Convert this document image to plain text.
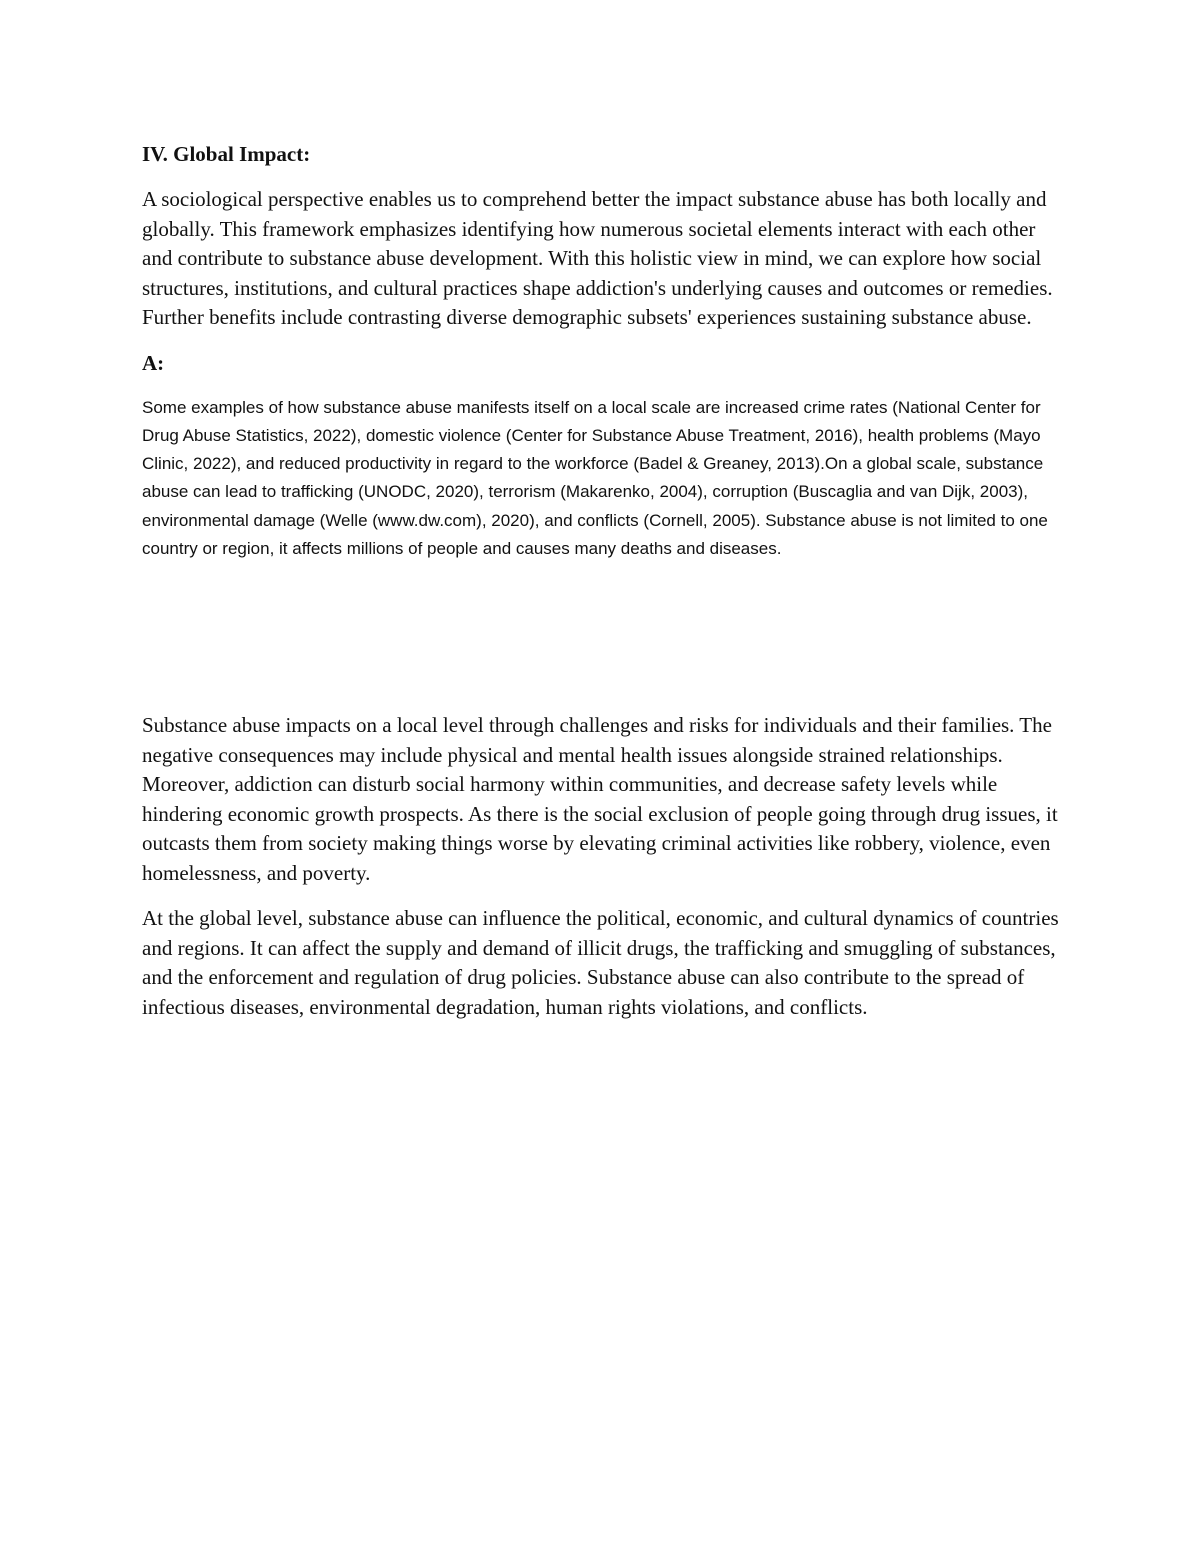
IV. Global Impact:

A sociological perspective enables us to comprehend better the impact substance abuse has both locally and globally. This framework emphasizes identifying how numerous societal elements interact with each other and contribute to substance abuse development. With this holistic view in mind, we can explore how social structures, institutions, and cultural practices shape addiction's underlying causes and outcomes or remedies. Further benefits include contrasting diverse demographic subsets' experiences sustaining substance abuse.

A:

Some examples of how substance abuse manifests itself on a local scale are increased crime rates (National Center for Drug Abuse Statistics, 2022), domestic violence (Center for Substance Abuse Treatment, 2016), health problems (Mayo Clinic, 2022), and reduced productivity in regard to the workforce (Badel & Greaney, 2013).On a global scale, substance abuse can lead to trafficking (UNODC, 2020), terrorism (Makarenko, 2004), corruption (Buscaglia and van Dijk, 2003), environmental damage (Welle (www.dw.com), 2020), and conflicts (Cornell, 2005). Substance abuse is not limited to one country or region, it affects millions of people and causes many deaths and diseases.

Substance abuse impacts on a local level through challenges and risks for individuals and their families. The negative consequences may include physical and mental health issues alongside strained relationships. Moreover, addiction can disturb social harmony within communities, and decrease safety levels while hindering economic growth prospects. As there is the social exclusion of people going through drug issues, it outcasts them from society making things worse by elevating criminal activities like robbery, violence, even homelessness, and poverty.

At the global level, substance abuse can influence the political, economic, and cultural dynamics of countries and regions. It can affect the supply and demand of illicit drugs, the trafficking and smuggling of substances, and the enforcement and regulation of drug policies. Substance abuse can also contribute to the spread of infectious diseases, environmental degradation, human rights violations, and conflicts.
